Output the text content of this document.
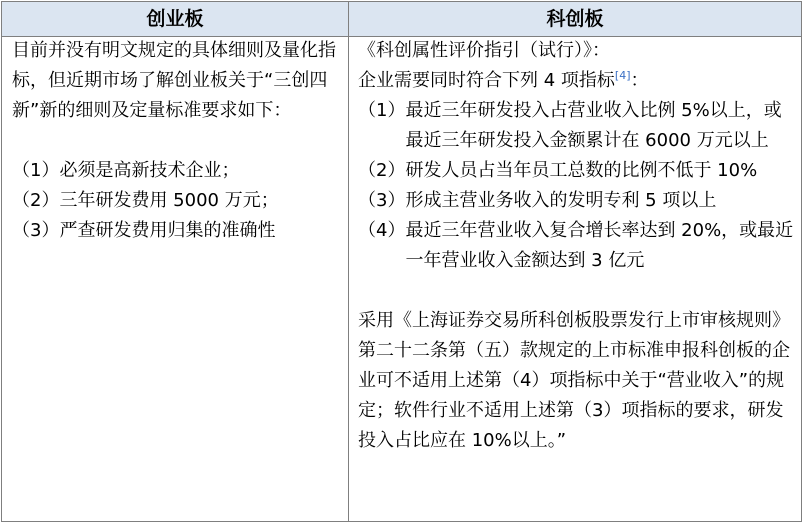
创业板	科创板

目前并没有明文规定的具体细则及量化指标，但近期市场了解创业板关于“三创四新”新的细则及定量标准要求如下：

（1） 必须是高新技术企业；
（2） 三年研发费用 5000 万元；
（3） 严查研发费用归集的准确性

《科创属性评价指引（试行）》：

企业需要同时符合下列 4 项指标[4]：

（1） 最近三年研发投入占营业收入比例 5%以上，或最近三年研发投入金额累计在 6000 万元以上
（2） 研发人员占当年员工总数的比例不低于 10%
（3） 形成主营业务收入的发明专利 5 项以上
（4） 最近三年营业收入复合增长率达到 20%，或最近一年营业收入金额达到 3 亿元

采用《上海证券交易所科创板股票发行上市审核规则》第二十二条第（五）款规定的上市标准申报科创板的企业可不适用上述第（4）项指标中关于“营业收入”的规定；软件行业不适用上述第（3）项指标的要求，研发投入占比应在 10%以上。”
